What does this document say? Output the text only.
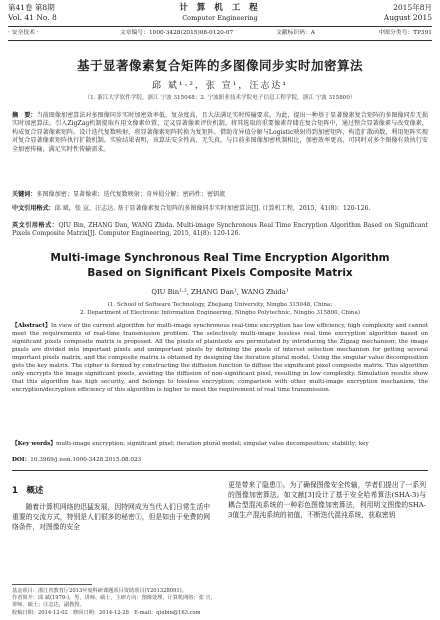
第41卷 第8期
Vol. 41 No. 8
计 算 机 工 程
Computer Engineering
2015年8月
August 2015
· 安全技术 ·	文章编号：1000-3428(2015)08-0120-07	文献标识码：A	中图分类号：TP391
基于显著像素复合矩阵的多图像同步实时加密算法
邱 斌¹·²，张 宣¹，汪志达¹
（1. 浙江大学软件学院，浙江 宁波 315048；2. 宁波职业技术学院电子信息工程学院，浙江 宁波 315800）
摘　要：当前图像加密算法对多图像同步实时加密效率低、复杂度高，且大法满足实时传输要求。为此，提出一种基于显著像素复合矩阵的多图像同步无损实时加密算法。引入ZigZag机制提取有用文像素位置，定义显著像素评价机制，将其选取的重要像素存储在复合矩阵中，通过整合显著像素与改变像素，构成复合显著像素矩阵。设计迭代复数映射，将显著像素矩阵转换为复矩阵，借助奇异值分解与Logistic映射得到加密矩阵，构造扩散函数，利用矩阵实现对复合显著像素矩阵执行扩散机制。实验结果表明，该算法安全性高、无失真，与目前多图像加密机制相比，加密效率更高，可同时对多个图像有效执行安全加密传输，满足实时性传输需求。
关键词：多图像加密；显著像素；迭代复数映射；奇异值分解；密码性；密钥流
中文引用格式：邱 斌，张 宣，汪志达. 基于显著像素复合矩阵的多图像同步实时加密算法[J]. 计算机工程，2015，41(8)：120-126.
英文引用格式：QIU Bin, ZHANG Dan, WANG Zhida. Multi-image Synchronous Real Time Encryption Algorithm Based on Significant Pixels Composite Matrix[J]. Computer Engineering, 2015, 41(8): 120-126.
Multi-image Synchronous Real Time Encryption Algorithm
Based on Significant Pixels Composite Matrix
QIU Bin¹·², ZHANG Dan¹, WANG Zhida¹
(1. School of Software Technology, Zhejiang University, Ningbo 315048, China;
2. Department of Electronic Information Engineering, Ningbo Polytechnic, Ningbo 315800, China)
【Abstract】In view of the current algorithm for multi-image synchronous real-time encryption has low efficiency, high complexity and cannot meet the requirements of real-time transmission problem. The selectively multi-image lossless real time encryption algorithm based on significant pixels composite matrix is proposed. All the pixels of plaintexts are permutated by introducing the Zigzag mechanism; the image pixels are divided into important pixels and unimportant pixels by defining the pixels of interest selection mechanism for getting several important pixels matrix, and the composite matrix is obtained by designing the iteration plural model. Using the singular value decomposition gets the key matrix. The cipher is formed by constructing the diffusion function to diffuse the significant pixel composite matrix. This algorithm only encrypts the image significant pixels, avoiding the diffusion of non-significant pixel, resulting in low complexity. Simulation results show that this algorithm has high security, and belongs to lossless encryption; comparison with other multi-image encryption mechanism, the encryption/decryption efficiency of this algorithm is higher to meet the requirement of real time transmission.
【Key words】multi-image encryption; significant pixel; iteration plural model; singular value decomposition; stability; key
DOI：10.3969/j.issn.1000-3428.2015.08.023
1　概述
随着计算机网络的迅猛发展，因特网成为当代人们日常生活中重要的交流方式，特别是人们很多的秘密①，但是如由于免费的网络条件，对图像的安全
更是带来了隐患①。为了确保图像安全传输，学者们提出了一系列的图像加密算法。如文献[3]设计了基于安全哈希算法(SHA-3)与耦合型混沌系统的一种彩色图像加密算法，利用明文图像的SHA-3值生产混沌系统的初值，不断迭代混沌系统，获取密钥
基金项目：浙江省教育厅2013年度科研课题项目资助项目(Y201328091)。
作者简介：邱 斌(1979-)，男，讲师、硕士，主研方向：图像处理、计算机网络；张 宣，讲师、硕士；汪志达，副教授。
收稿日期：2014-12-02　修回日期：2014-12-28　E-mail：qiubin@163.com
